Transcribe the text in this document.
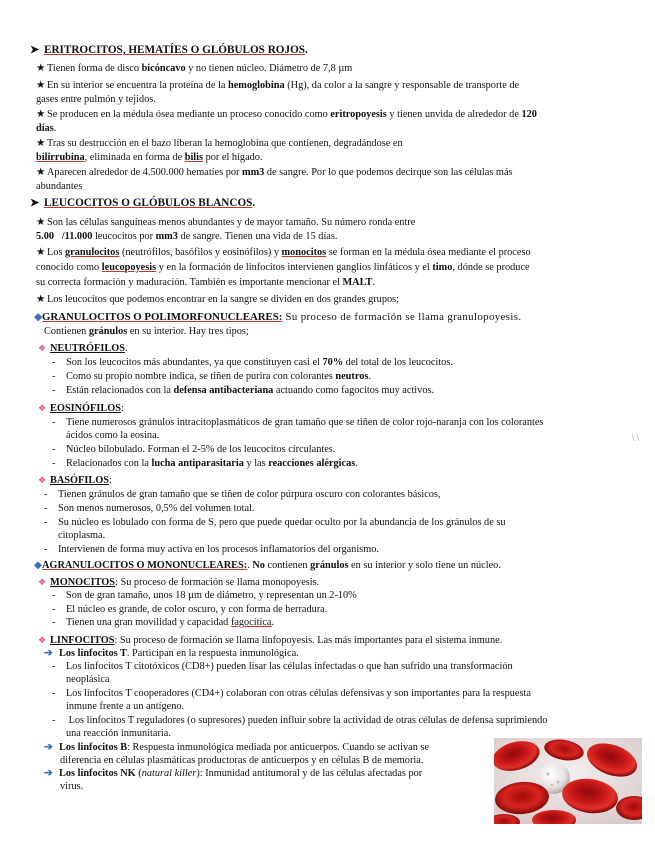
➤ ERITROCITOS, HEMATÍES O GLÓBULOS ROJOS.
★ Tienen forma de disco bicóncavo y no tienen núcleo. Diámetro de 7,8 µm
★ En su interior se encuentra la proteína de la hemoglobina (Hg), da color a la sangre y responsable de transporte de
gases entre pulmón y tejidos.
★ Se producen en la médula ósea mediante un proceso conocido como eritropoyesis y tienen unvida de alrededor de 120
días.
★ Tras su destrucción en el bazo liberan la hemoglobina que contienen, degradándose en
bilirrubina, eliminada en forma de bilis por el hígado.
★ Aparecen alrededor de 4.500.000 hematíes por mm3 de sangre. Por lo que podemos decirque son las células más
abundantes
➤ LEUCOCITOS O GLÓBULOS BLANCOS.
★ Son las células sanguíneas menos abundantes y de mayor tamaño. Su número ronda entre
5.00 /11.000 leucocitos por mm3 de sangre. Tienen una vida de 15 días.
★ Los granulocitos (neutrófilos, basófilos y eosinófilos) y monocitos se forman en la médula ósea mediante el proceso
conocido como leucopoyesis y en la formación de linfocitos intervienen ganglios linfáticos y el timo, dónde se produce
su correcta formación y maduración. También es importante mencionar el MALT.
★ Los leucocitos que podemos encontrar en la sangre se dividen en dos grandes grupos;
◆GRANULOCITOS O POLIMORFONUCLEARES: Su proceso de formación se llama granulopoyesis.
Contienen gránulos en su interior. Hay tres tipos;
❖ NEUTRÓFILOS.
- Son los leucocitos más abundantes, ya que constituyen casi el 70% del total de los leucocitos.
- Como su propio nombre indica, se tiñen de purira con colorantes neutros.
- Están relacionados con la defensa antibacteriana actuando como fagocitos muy activos.
❖ EOSINÓFILOS:
- Tiene numerosos gránulos intracitoplasmáticos de gran tamaño que se tiñen de color rojo-naranja con los colorantes
ácidos como la eosina.
- Núcleo bilobulado. Forman el 2-5% de los leucocitos circulantes.
- Relacionados con la lucha antiparasitaria y las reacciones alérgicas.
❖ BASÓFILOS:
- Tienen gránulos de gran tamaño que se tiñen de color púrpura oscuro con colorantes básicos,
- Son menos numerosos, 0,5% del volumen total.
- Su núcleo es lobulado con forma de S, pero que puede quedar oculto por la abundancia de los gránulos de su
citoplasma.
- Intervienen de forma muy activa en los procesos inflamatorios del organismo.
◆AGRANULOCITOS O MONONUCLEARES:. No contienen gránulos en su interior y solo tiene un núcleo.
❖ MONOCITOS: Su proceso de formación se llama monopoyesis.
- Son de gran tamaño, unos 18 µm de diámetro, y representan un 2-10%
- El núcleo es grande, de color oscuro, y con forma de herradura.
- Tienen una gran movilidad y capacidad fagocítica.
❖ LINFOCITOS: Su proceso de formación se llama linfopoyesis. Las más importantes para el sistema inmune.
➔ Los linfocitos T. Participan en la respuesta inmunológica.
- Los linfocitos T citotóxicos (CD8+) pueden lisar las células infectadas o que han sufrido una transformación
neoplásica
- Los linfocitos T cooperadores (CD4+) colaboran con otras células defensivas y son importantes para la respuesta
inmune frente a un antígeno.
- Los linfocitos T reguladores (o supresores) pueden influir sobre la actividad de otras células de defensa suprimiendo
una reacción inmunitaria.
➔ Los linfocitos B: Respuesta inmunológica mediada por anticuerpos. Cuando se activan se
diferencia en células plasmáticas productoras de anticuerpos y en células B de memoria.
➔ Los linfocitos NK (natural killer): Inmunidad antitumoral y de las células afectadas por
virus.
\ \
